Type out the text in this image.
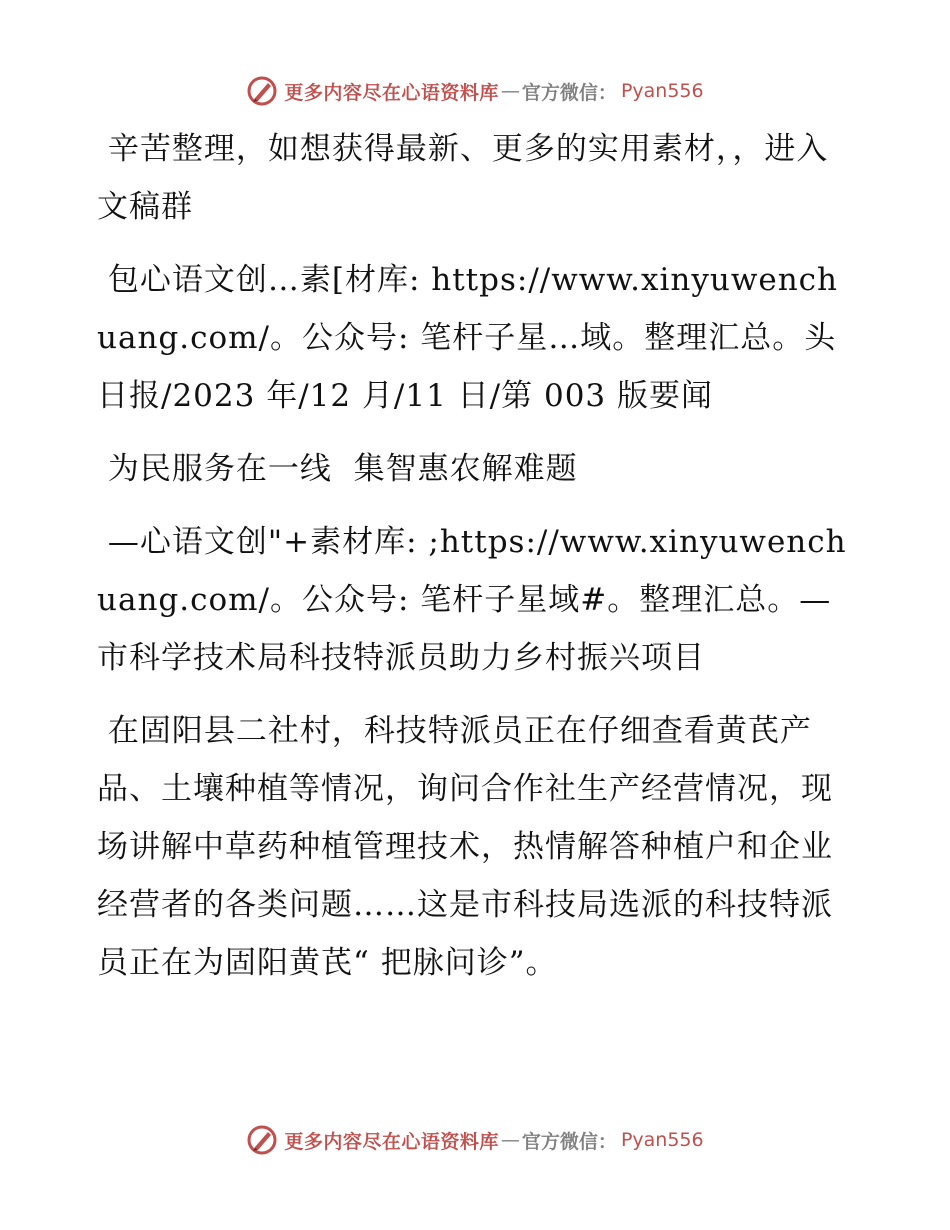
更多内容尽在心语资料库 — 官方微信： Pyan556

辛苦整理，如想获得最新、更多的实用素材，，进入文稿群

包心语文创…素[材库: https://www.xinyuwenchuang.com/。公众号: 笔杆子星…域。整理汇总。头日报/2023 年/12 月/11 日/第 003 版要闻

为民服务在一线  集智惠农解难题

—心语文创"+素材库: ;https://www.xinyuwenchuang.com/。公众号: 笔杆子星域#。整理汇总。—市科学技术局科技特派员助力乡村振兴项目

在固阳县二社村，科技特派员正在仔细查看黄芪产品、土壤种植等情况，询问合作社生产经营情况，现场讲解中草药种植管理技术，热情解答种植户和企业经营者的各类问题……这是市科技局选派的科技特派员正在为固阳黄芪“ 把脉问诊”。

更多内容尽在心语资料库 — 官方微信： Pyan556
